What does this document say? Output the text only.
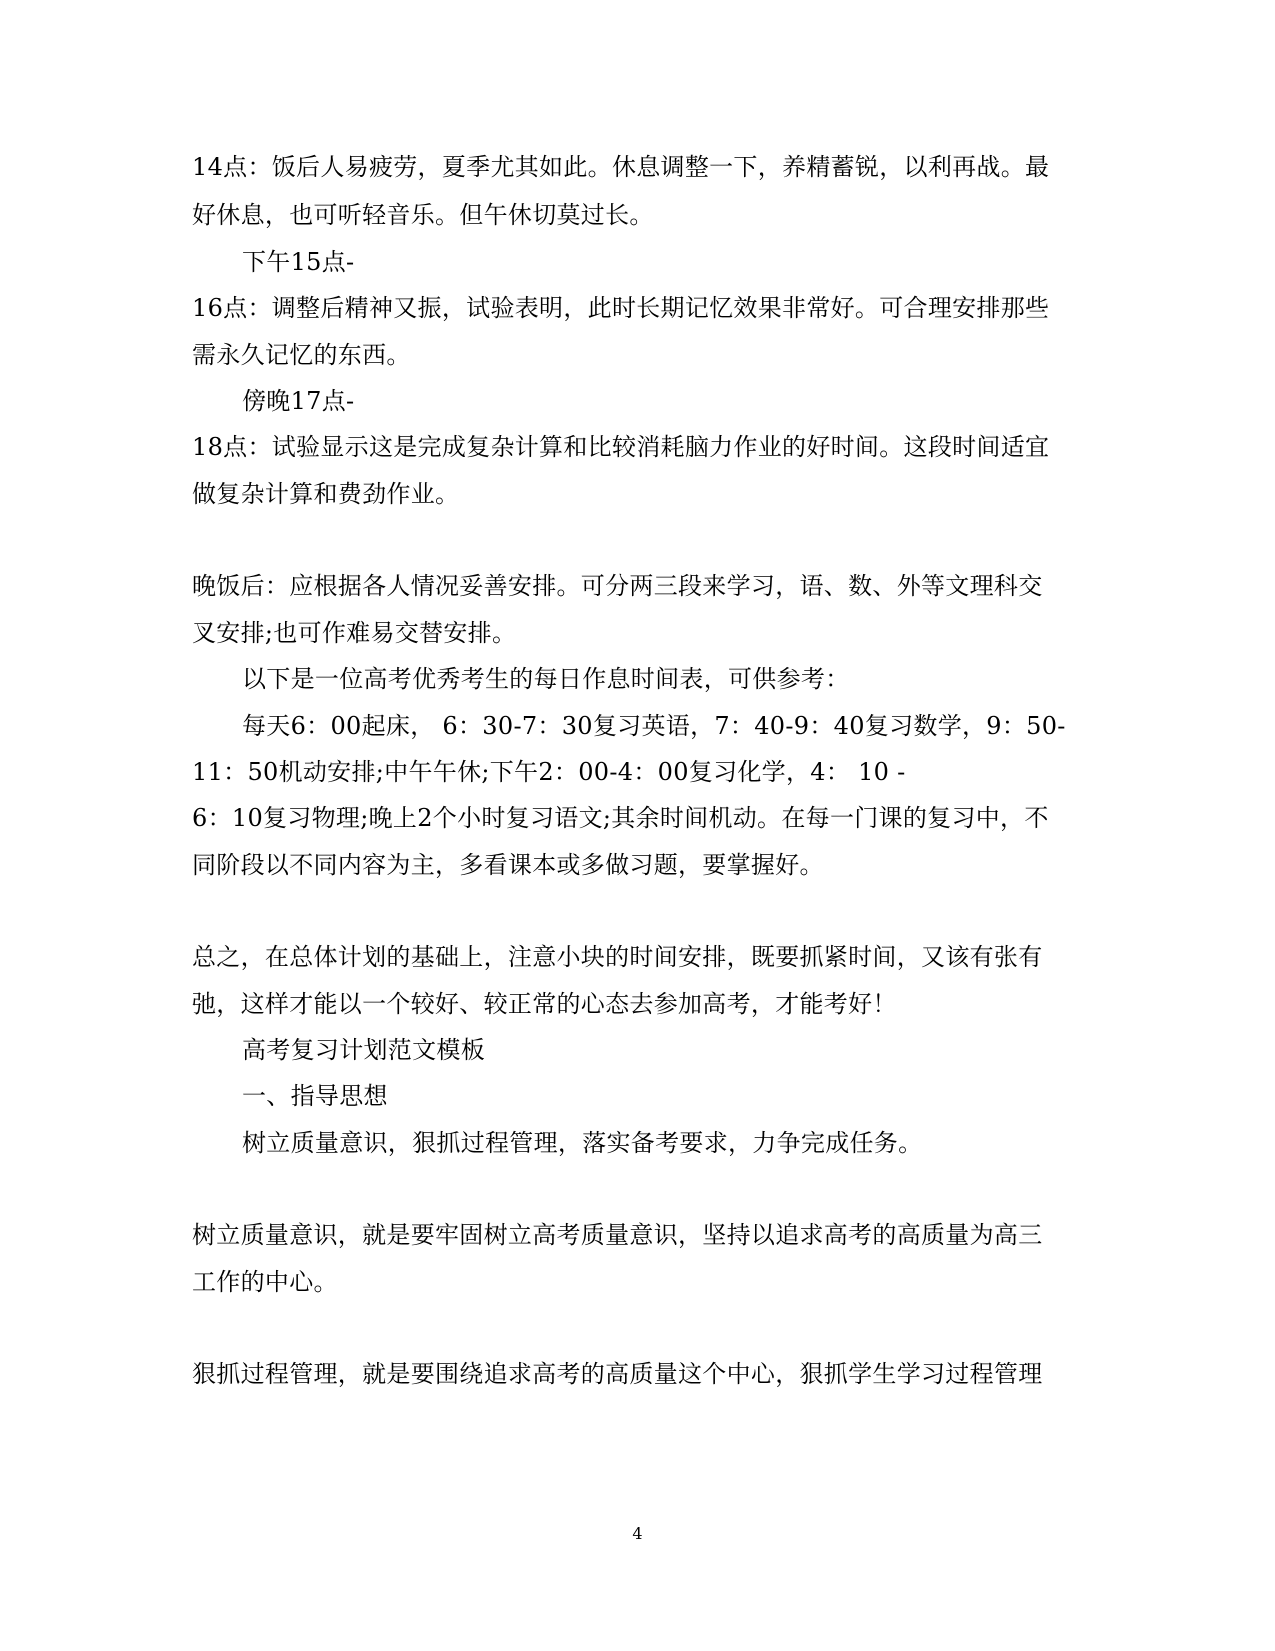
14点：饭后人易疲劳，夏季尤其如此。休息调整一下，养精蓄锐，以利再战。最
好休息，也可听轻音乐。但午休切莫过长。
下午15点-
16点：调整后精神又振，试验表明，此时长期记忆效果非常好。可合理安排那些
需永久记忆的东西。
傍晚17点-
18点：试验显示这是完成复杂计算和比较消耗脑力作业的好时间。这段时间适宜
做复杂计算和费劲作业。
晚饭后：应根据各人情况妥善安排。可分两三段来学习，语、数、外等文理科交
叉安排;也可作难易交替安排。
以下是一位高考优秀考生的每日作息时间表，可供参考：
每天6：00起床， 6：30-7：30复习英语，7：40-9：40复习数学，9：50-
11：50机动安排;中午午休;下午2：00-4：00复习化学，4： 10 -
6：10复习物理;晚上2个小时复习语文;其余时间机动。在每一门课的复习中，不
同阶段以不同内容为主，多看课本或多做习题，要掌握好。
总之，在总体计划的基础上，注意小块的时间安排，既要抓紧时间，又该有张有
弛，这样才能以一个较好、较正常的心态去参加高考，才能考好！
高考复习计划范文模板
一、指导思想
树立质量意识，狠抓过程管理，落实备考要求，力争完成任务。
树立质量意识，就是要牢固树立高考质量意识，坚持以追求高考的高质量为高三
工作的中心。
狠抓过程管理，就是要围绕追求高考的高质量这个中心，狠抓学生学习过程管理
4
